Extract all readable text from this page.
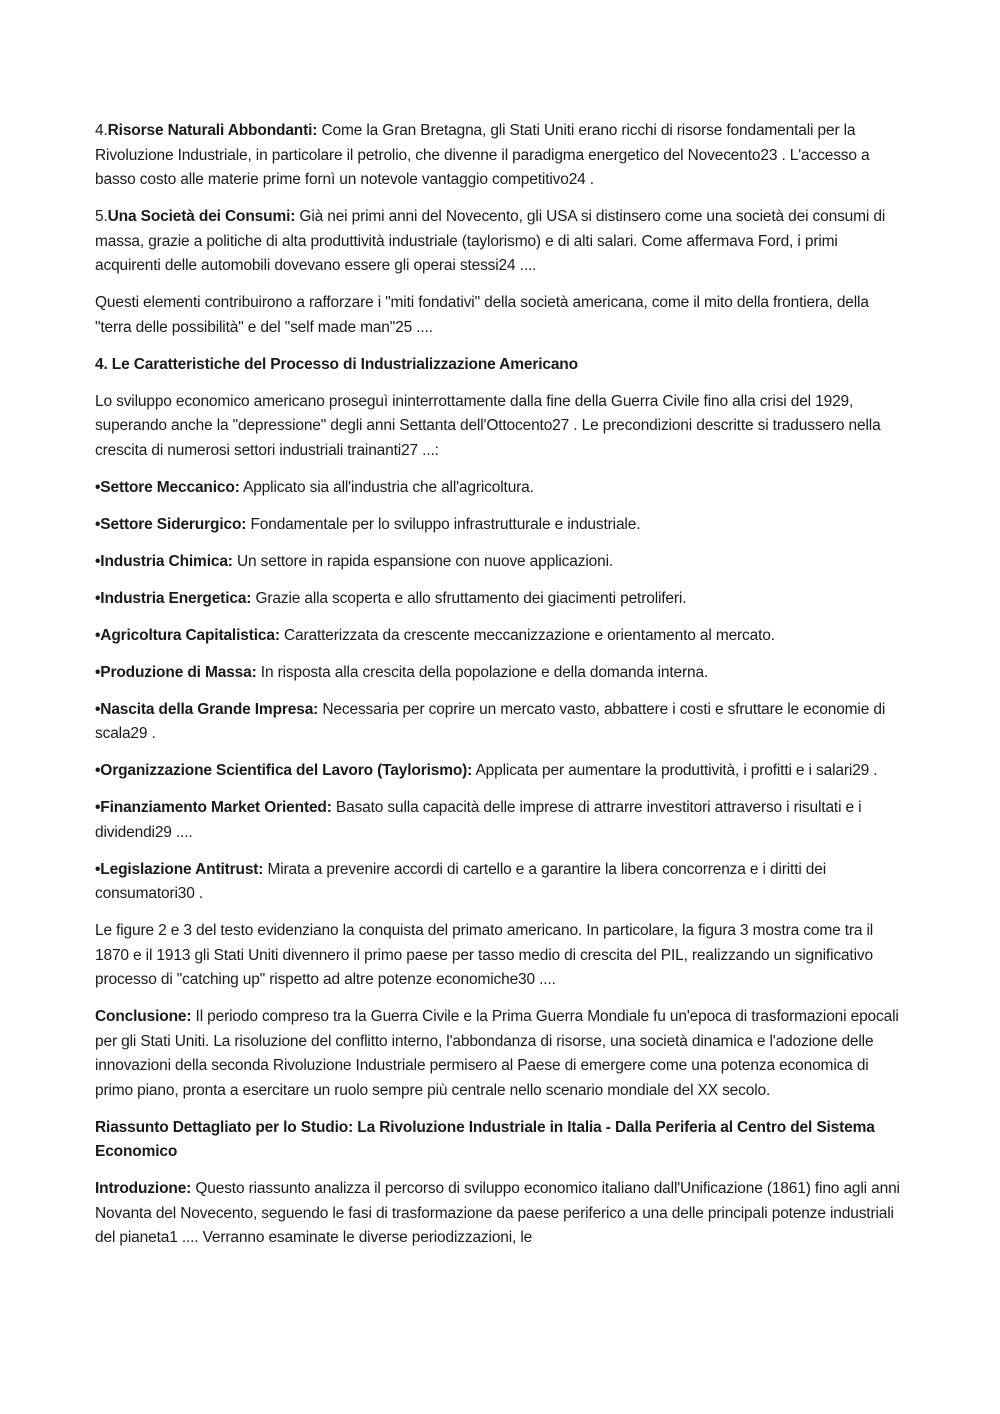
4.Risorse Naturali Abbondanti: Come la Gran Bretagna, gli Stati Uniti erano ricchi di risorse fondamentali per la Rivoluzione Industriale, in particolare il petrolio, che divenne il paradigma energetico del Novecento23 . L'accesso a basso costo alle materie prime fornì un notevole vantaggio competitivo24 .

5.Una Società dei Consumi: Già nei primi anni del Novecento, gli USA si distinsero come una società dei consumi di massa, grazie a politiche di alta produttività industriale (taylorismo) e di alti salari. Come affermava Ford, i primi acquirenti delle automobili dovevano essere gli operai stessi24 ....

Questi elementi contribuirono a rafforzare i "miti fondativi" della società americana, come il mito della frontiera, della "terra delle possibilità" e del "self made man"25 ....

4. Le Caratteristiche del Processo di Industrializzazione Americano

Lo sviluppo economico americano proseguì ininterrottamente dalla fine della Guerra Civile fino alla crisi del 1929, superando anche la "depressione" degli anni Settanta dell'Ottocento27 . Le precondizioni descritte si tradussero nella crescita di numerosi settori industriali trainanti27 ...:

•Settore Meccanico: Applicato sia all'industria che all'agricoltura.

•Settore Siderurgico: Fondamentale per lo sviluppo infrastrutturale e industriale.

•Industria Chimica: Un settore in rapida espansione con nuove applicazioni.

•Industria Energetica: Grazie alla scoperta e allo sfruttamento dei giacimenti petroliferi.

•Agricoltura Capitalistica: Caratterizzata da crescente meccanizzazione e orientamento al mercato.

•Produzione di Massa: In risposta alla crescita della popolazione e della domanda interna.

•Nascita della Grande Impresa: Necessaria per coprire un mercato vasto, abbattere i costi e sfruttare le economie di scala29 .

•Organizzazione Scientifica del Lavoro (Taylorismo): Applicata per aumentare la produttività, i profitti e i salari29 .

•Finanziamento Market Oriented: Basato sulla capacità delle imprese di attrarre investitori attraverso i risultati e i dividendi29 ....

•Legislazione Antitrust: Mirata a prevenire accordi di cartello e a garantire la libera concorrenza e i diritti dei consumatori30 .

Le figure 2 e 3 del testo evidenziano la conquista del primato americano. In particolare, la figura 3 mostra come tra il 1870 e il 1913 gli Stati Uniti divennero il primo paese per tasso medio di crescita del PIL, realizzando un significativo processo di "catching up" rispetto ad altre potenze economiche30 ....

Conclusione: Il periodo compreso tra la Guerra Civile e la Prima Guerra Mondiale fu un'epoca di trasformazioni epocali per gli Stati Uniti. La risoluzione del conflitto interno, l'abbondanza di risorse, una società dinamica e l'adozione delle innovazioni della seconda Rivoluzione Industriale permisero al Paese di emergere come una potenza economica di primo piano, pronta a esercitare un ruolo sempre più centrale nello scenario mondiale del XX secolo.

Riassunto Dettagliato per lo Studio: La Rivoluzione Industriale in Italia - Dalla Periferia al Centro del Sistema Economico

Introduzione: Questo riassunto analizza il percorso di sviluppo economico italiano dall'Unificazione (1861) fino agli anni Novanta del Novecento, seguendo le fasi di trasformazione da paese periferico a una delle principali potenze industriali del pianeta1 .... Verranno esaminate le diverse periodizzazioni, le
